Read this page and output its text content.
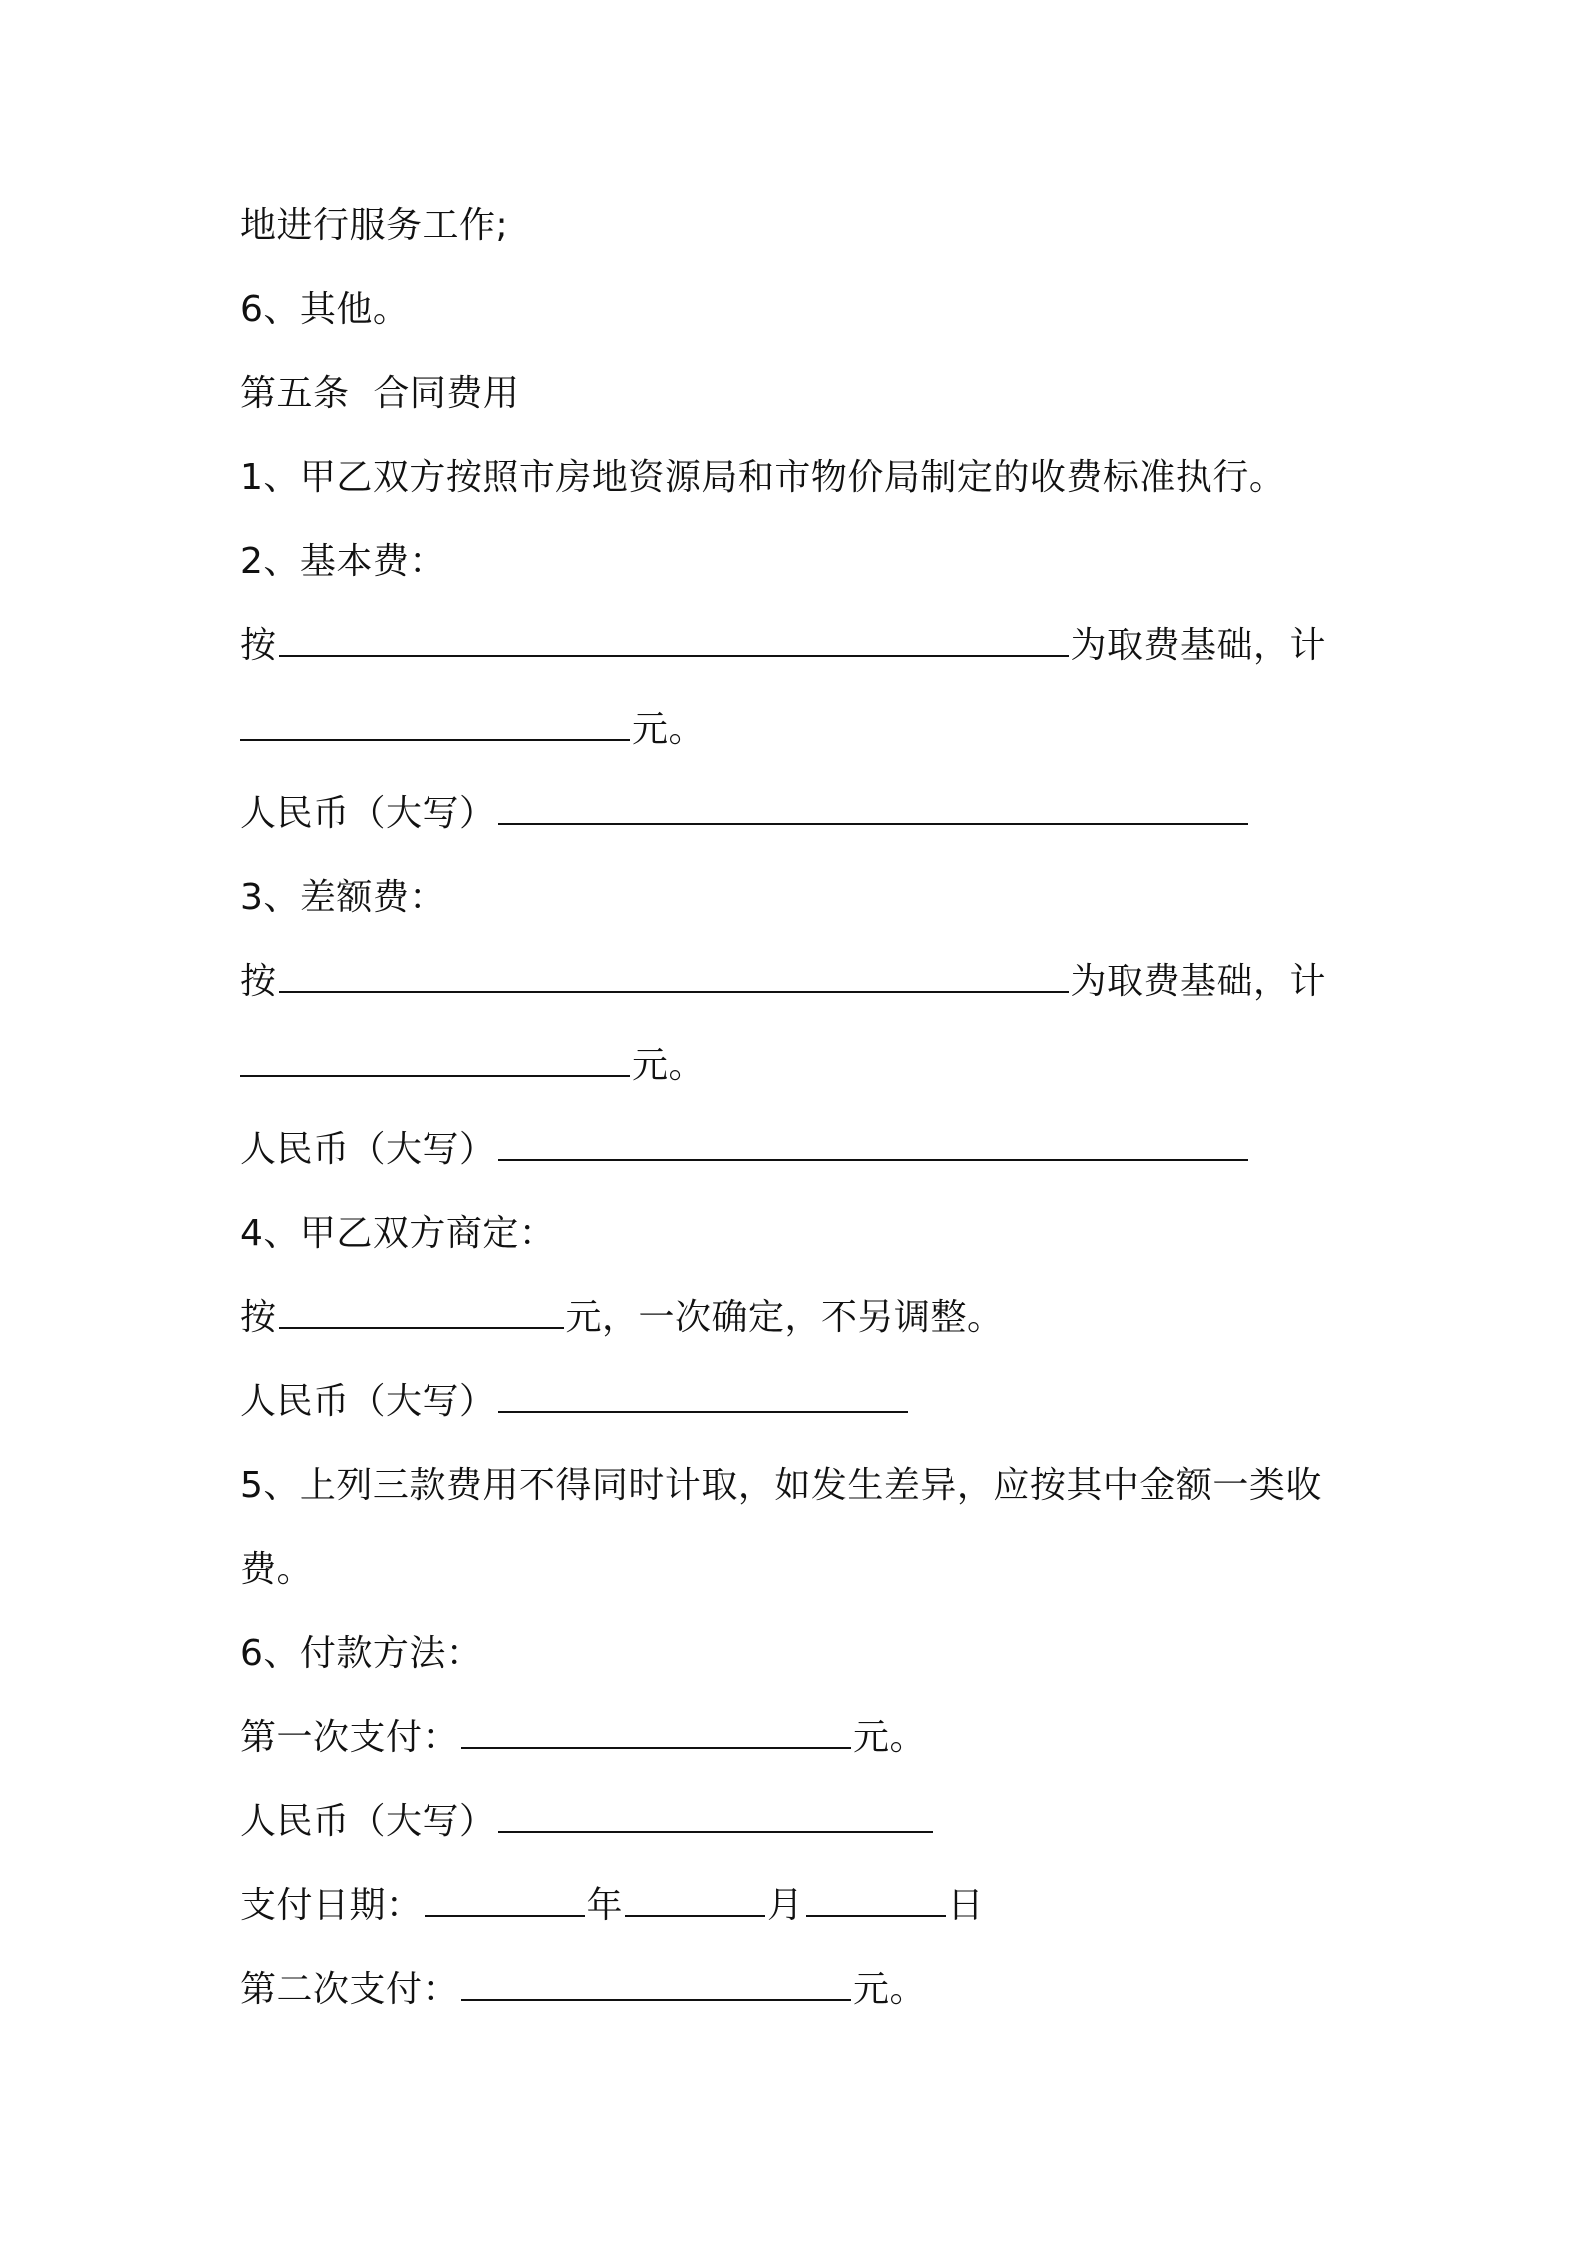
地进行服务工作;
6、其他。
第五条  合同费用
1、甲乙双方按照市房地资源局和市物价局制定的收费标准执行。
2、基本费：
按	为取费基础，计
元。
人民币（大写）
3、差额费：
按	为取费基础，计
元。
人民币（大写）
4、甲乙双方商定：
按	元，一次确定，不另调整。
人民币（大写）
5、上列三款费用不得同时计取，如发生差异，应按其中金额一类收
费。
6、付款方法：
第一次支付：	元。
人民币（大写）
支付日期：	年	月	日
第二次支付：	元。
